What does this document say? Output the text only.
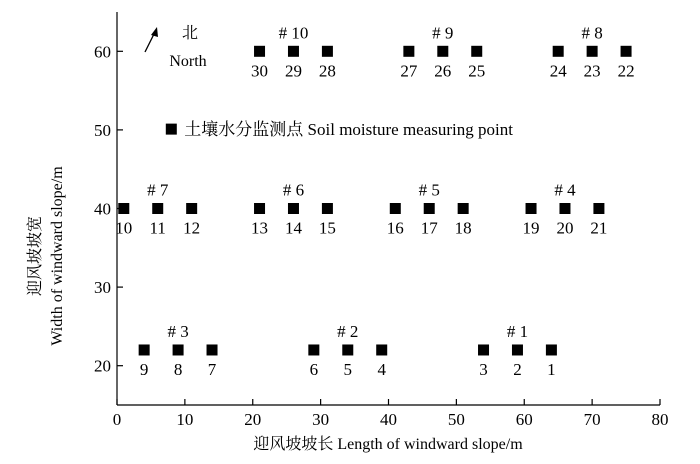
0	10	20	30	40	50	60	70	80
20
30
40
50
60
1
2
3
4
5
6
7
8
9
10 11 12	13 14 15	16 17 18	19 20 21
22
23
24
25
26
27
28
29
30
# 1
# 2
# 3
# 4
# 5
# 6
# 7
# 8
# 9
# 10
土壤水分监测点 Soil moisture measuring point
北
North
迎风坡坡长 Length of windward slope/m
迎风坡坡宽 Width of windward slope/m
